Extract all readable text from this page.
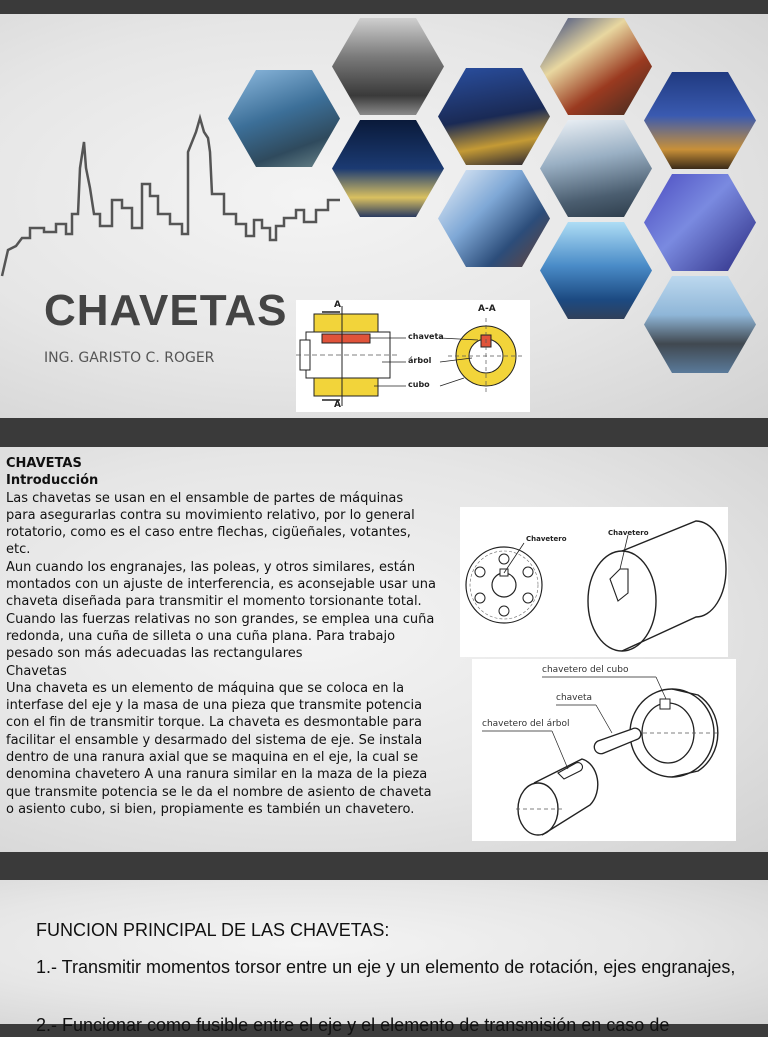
CHAVETAS
ING. GARISTO C. ROGER
A
A
A-A
chaveta
árbol
cubo

CHAVETAS

Introducción

Las chavetas se usan en el ensamble de partes de máquinas para asegurarlas contra su movimiento relativo, por lo general rotatorio, como es el caso entre flechas, cigüeñales, votantes, etc.

Aun cuando los engranajes, las poleas, y otros similares, están montados con un ajuste de interferencia, es aconsejable usar una chaveta diseñada para transmitir el momento torsionante total. Cuando las fuerzas relativas no son grandes, se emplea una cuña redonda, una cuña de silleta o una cuña plana. Para trabajo pesado son más adecuadas las rectangulares

Chavetas

Una chaveta es un elemento de máquina que se coloca en la interfase del eje y la masa de una pieza que transmite potencia con el fin de transmitir torque. La chaveta es desmontable para facilitar el ensamble y desarmado del sistema de eje. Se instala dentro de una ranura axial que se maquina en el eje, la cual se denomina chavetero A una ranura similar en la maza de la pieza que transmite potencia se le da el nombre de asiento de chaveta o asiento cubo, si bien, propiamente es también un chavetero.

Chavetero
Chavetero
chavetero del cubo
chaveta
chavetero del árbol
FUNCION PRINCIPAL DE LAS CHAVETAS:
1.- Transmitir momentos torsor entre un eje y un elemento de rotación, ejes engranajes,
2.- Funcionar como fusible entre el eje y el elemento de transmisión en caso de
